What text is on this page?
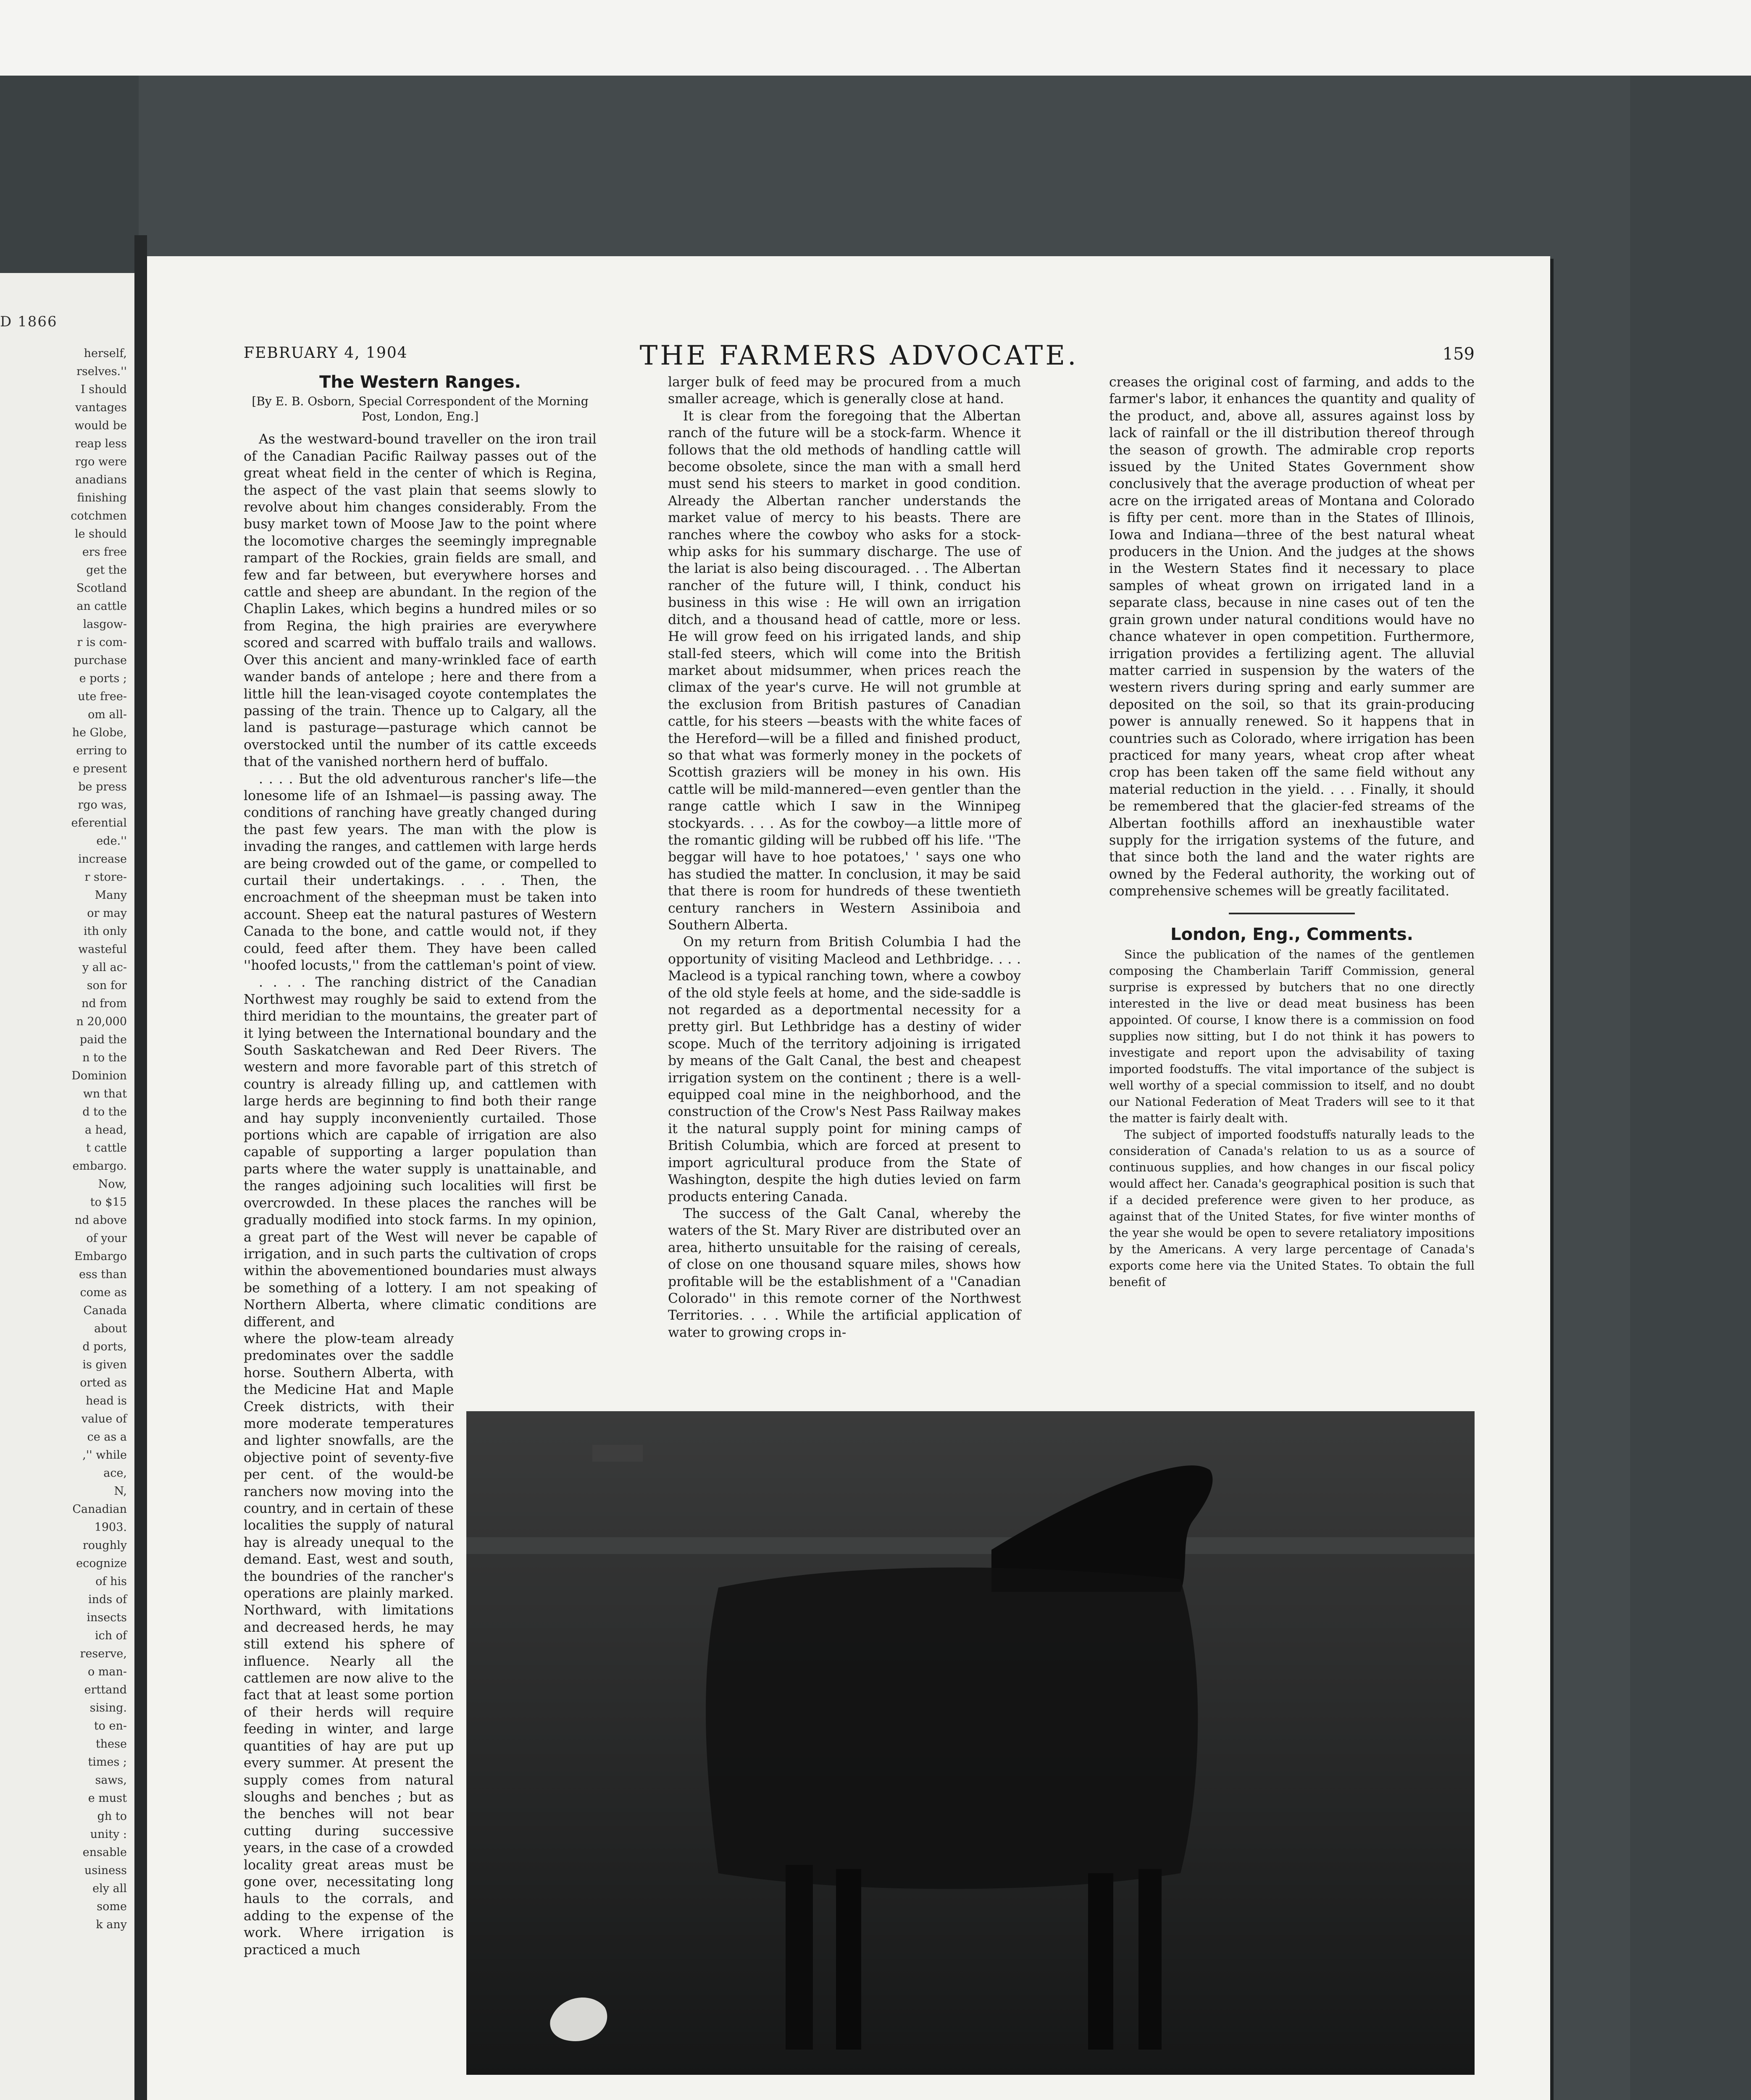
D 1866
herself,
rselves.''
I should
vantages
would be
reap less
rgo were
anadians
finishing
cotchmen
le should
ers free
get the
Scotland
an cattle
lasgow-
r is com-
purchase
e ports ;
ute free-
om all-
he Globe,
erring to
e present
be press
rgo was,
eferential
ede.''
increase
r store-
Many
or may
ith only
wasteful
y all ac-
son for
nd from
n 20,000
paid the
n to the
Dominion
wn that
d to the
a head,
t cattle
embargo.
Now,
to $15
nd above
of your
Embargo
ess than
come as
Canada
about
d ports,
is given
orted as
head is
value of
ce as a
,'' while
ace,
N,
Canadian
1903.
roughly
ecognize
of his
inds of
insects
ich of
reserve,
o man-
erttand
sising.
to en-
these
times ;
saws,
e must
gh to
unity :
ensable
usiness
ely all
some
k any
FEBRUARY 4, 1904	THE FARMERS ADVOCATE.	159
The Western Ranges.
[By E. B. Osborn, Special Correspondent of the Morning Post, London, Eng.]

As the westward-bound traveller on the iron trail of the Canadian Pacific Railway passes out of the great wheat field in the center of which is Regina, the aspect of the vast plain that seems slowly to revolve about him changes considerably. From the busy market town of Moose Jaw to the point where the locomotive charges the seemingly impregnable rampart of the Rockies, grain fields are small, and few and far between, but everywhere horses and cattle and sheep are abundant. In the region of the Chaplin Lakes, which begins a hundred miles or so from Regina, the high prairies are everywhere scored and scarred with buffalo trails and wallows. Over this ancient and many-wrinkled face of earth wander bands of antelope ; here and there from a little hill the lean-visaged coyote contemplates the passing of the train. Thence up to Calgary, all the land is pasturage—pasturage which cannot be overstocked until the number of its cattle exceeds that of the vanished northern herd of buffalo.

. . . . But the old adventurous rancher's life—the lonesome life of an Ishmael—is passing away. The conditions of ranching have greatly changed during the past few years. The man with the plow is invading the ranges, and cattlemen with large herds are being crowded out of the game, or compelled to curtail their undertakings. . . . Then, the encroachment of the sheepman must be taken into account. Sheep eat the natural pastures of Western Canada to the bone, and cattle would not, if they could, feed after them. They have been called ''hoofed locusts,'' from the cattleman's point of view.

. . . . The ranching district of the Canadian Northwest may roughly be said to extend from the third meridian to the mountains, the greater part of it lying between the International boundary and the South Saskatchewan and Red Deer Rivers. The western and more favorable part of this stretch of country is already filling up, and cattlemen with large herds are beginning to find both their range and hay supply inconveniently curtailed. Those portions which are capable of irrigation are also capable of supporting a larger population than parts where the water supply is unattainable, and the ranges adjoining such localities will first be overcrowded. In these places the ranches will be gradually modified into stock farms. In my opinion, a great part of the West will never be capable of irrigation, and in such parts the cultivation of crops within the abovementioned boundaries must always be something of a lottery. I am not speaking of Northern Alberta, where climatic conditions are different, and

where the plow-team already predominates over the saddle horse. Southern Alberta, with the Medicine Hat and Maple Creek districts, with their more moderate temperatures and lighter snowfalls, are the objective point of seventy-five per cent. of the would-be ranchers now moving into the country, and in certain of these localities the supply of natural hay is already unequal to the demand. East, west and south, the boundries of the rancher's operations are plainly marked. Northward, with limitations and decreased herds, he may still extend his sphere of influence. Nearly all the cattlemen are now alive to the fact that at least some portion of their herds will require feeding in winter, and large quantities of hay are put up every summer. At present the supply comes from natural sloughs and benches ; but as the benches will not bear cutting during successive years, in the case of a crowded locality great areas must be gone over, necessitating long hauls to the corrals, and adding to the expense of the work. Where irrigation is practiced a much

larger bulk of feed may be procured from a much smaller acreage, which is generally close at hand.

It is clear from the foregoing that the Albertan ranch of the future will be a stock-farm. Whence it follows that the old methods of handling cattle will become obsolete, since the man with a small herd must send his steers to market in good condition. Already the Albertan rancher understands the market value of mercy to his beasts. There are ranches where the cowboy who asks for a stock-whip asks for his summary discharge. The use of the lariat is also being discouraged. . . The Albertan rancher of the future will, I think, conduct his business in this wise : He will own an irrigation ditch, and a thousand head of cattle, more or less. He will grow feed on his irrigated lands, and ship stall-fed steers, which will come into the British market about midsummer, when prices reach the climax of the year's curve. He will not grumble at the exclusion from British pastures of Canadian cattle, for his steers —beasts with the white faces of the Hereford—will be a filled and finished product, so that what was formerly money in the pockets of Scottish graziers will be money in his own. His cattle will be mild-mannered—even gentler than the range cattle which I saw in the Winnipeg stockyards. . . . As for the cowboy—a little more of the romantic gilding will be rubbed off his life. ''The beggar will have to hoe potatoes,' ' says one who has studied the matter. In conclusion, it may be said that there is room for hundreds of these twentieth century ranchers in Western Assiniboia and Southern Alberta.

On my return from British Columbia I had the opportunity of visiting Macleod and Lethbridge. . . . Macleod is a typical ranching town, where a cowboy of the old style feels at home, and the side-saddle is not regarded as a deportmental necessity for a pretty girl. But Lethbridge has a destiny of wider scope. Much of the territory adjoining is irrigated by means of the Galt Canal, the best and cheapest irrigation system on the continent ; there is a well-equipped coal mine in the neighborhood, and the construction of the Crow's Nest Pass Railway makes it the natural supply point for mining camps of British Columbia, which are forced at present to import agricultural produce from the State of Washington, despite the high duties levied on farm products entering Canada.

The success of the Galt Canal, whereby the waters of the St. Mary River are distributed over an area, hitherto unsuitable for the raising of cereals, of close on one thousand square miles, shows how profitable will be the establishment of a ''Canadian Colorado'' in this remote corner of the Northwest Territories. . . . While the artificial application of water to growing crops in-

creases the original cost of farming, and adds to the farmer's labor, it enhances the quantity and quality of the product, and, above all, assures against loss by lack of rainfall or the ill distribution thereof through the season of growth. The admirable crop reports issued by the United States Government show conclusively that the average production of wheat per acre on the irrigated areas of Montana and Colorado is fifty per cent. more than in the States of Illinois, Iowa and Indiana—three of the best natural wheat producers in the Union. And the judges at the shows in the Western States find it necessary to place samples of wheat grown on irrigated land in a separate class, because in nine cases out of ten the grain grown under natural conditions would have no chance whatever in open competition. Furthermore, irrigation provides a fertilizing agent. The alluvial matter carried in suspension by the waters of the western rivers during spring and early summer are deposited on the soil, so that its grain-producing power is annually renewed. So it happens that in countries such as Colorado, where irrigation has been practiced for many years, wheat crop after wheat crop has been taken off the same field without any material reduction in the yield. . . . Finally, it should be remembered that the glacier-fed streams of the Albertan foothills afford an inexhaustible water supply for the irrigation systems of the future, and that since both the land and the water rights are owned by the Federal authority, the working out of comprehensive schemes will be greatly facilitated.

London, Eng., Comments.

Since the publication of the names of the gentlemen composing the Chamberlain Tariff Commission, general surprise is expressed by butchers that no one directly interested in the live or dead meat business has been appointed. Of course, I know there is a commission on food supplies now sitting, but I do not think it has powers to investigate and report upon the advisability of taxing imported foodstuffs. The vital importance of the subject is well worthy of a special commission to itself, and no doubt our National Federation of Meat Traders will see to it that the matter is fairly dealt with.

The subject of imported foodstuffs naturally leads to the consideration of Canada's relation to us as a source of continuous supplies, and how changes in our fiscal policy would affect her. Canada's geographical position is such that if a decided preference were given to her produce, as against that of the United States, for five winter months of the year she would be open to severe retaliatory impositions by the Americans. A very large percentage of Canada's exports come here via the United States. To obtain the full benefit of
